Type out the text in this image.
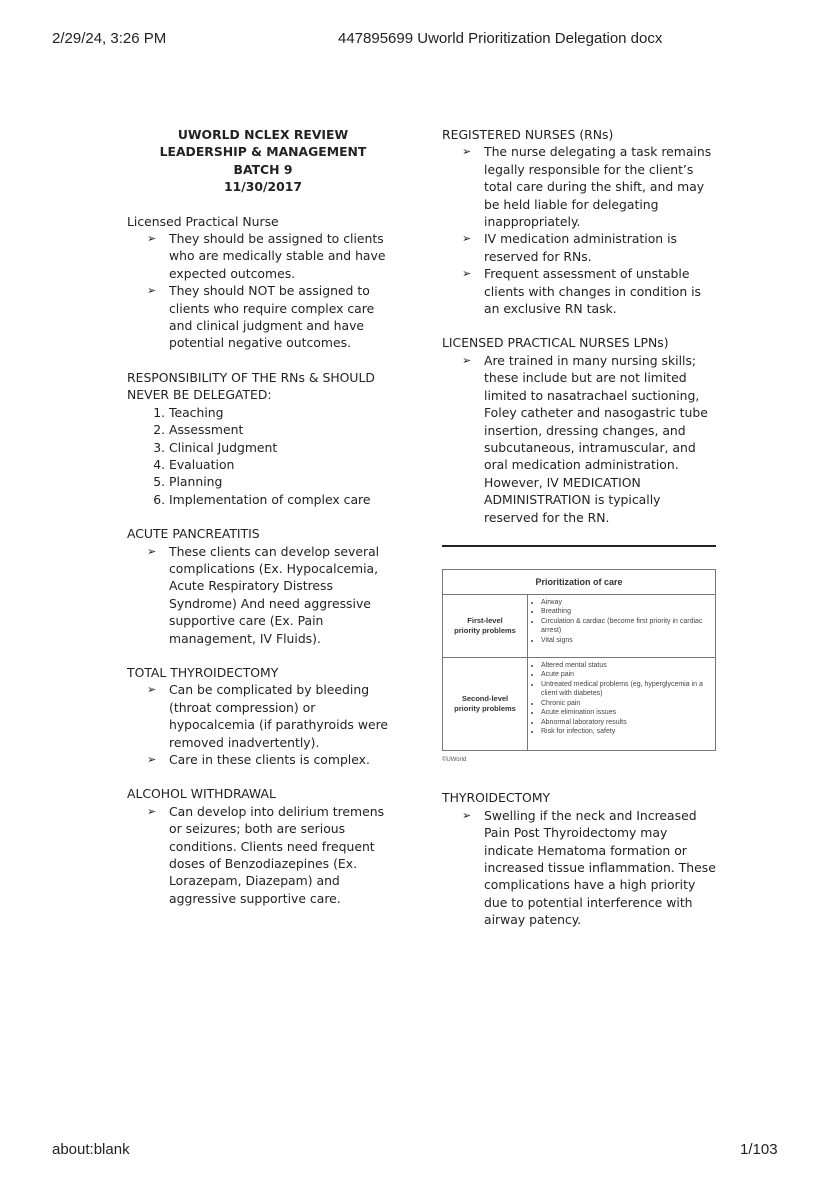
2/29/24, 3:26 PM	447895699 Uworld Prioritization Delegation docx

UWORLD NCLEX REVIEW

LEADERSHIP & MANAGEMENT

BATCH 9

11/30/2017

Licensed Practical Nurse

➢ They should be assigned to clients who are medically stable and have expected outcomes.
➢ They should NOT be assigned to clients who require complex care and clinical judgment and have potential negative outcomes.

RESPONSIBILITY OF THE RNs & SHOULD NEVER BE DELEGATED:

1. Teaching
2. Assessment
3. Clinical Judgment
4. Evaluation
5. Planning
6. Implementation of complex care

ACUTE PANCREATITIS

➢ These clients can develop several complications (Ex. Hypocalcemia, Acute Respiratory Distress Syndrome) And need aggressive supportive care (Ex. Pain management, IV Fluids).

TOTAL THYROIDECTOMY

➢ Can be complicated by bleeding (throat compression) or hypocalcemia (if parathyroids were removed inadvertently).
➢ Care in these clients is complex.

ALCOHOL WITHDRAWAL

➢ Can develop into delirium tremens or seizures; both are serious conditions. Clients need frequent doses of Benzodiazepines (Ex. Lorazepam, Diazepam) and aggressive supportive care.

REGISTERED NURSES (RNs)

➢ The nurse delegating a task remains legally responsible for the client’s total care during the shift, and may be held liable for delegating inappropriately.
➢ IV medication administration is reserved for RNs.
➢ Frequent assessment of unstable clients with changes in condition is an exclusive RN task.

LICENSED PRACTICAL NURSES LPNs)

➢ Are trained in many nursing skills; these include but are not limited limited to nasatrachael suctioning, Foley catheter and nasogastric tube insertion, dressing changes, and subcutaneous, intramuscular, and oral medication administration. However, IV MEDICATION ADMINISTRATION is typically reserved for the RN.
Prioritization of care
First-level
priority problems
• Airway
• Breathing
• Circulation & cardiac (become first priority in cardiac arrest)
• Vital signs
Second-level
priority problems
• Altered mental status
• Acute pain
• Untreated medical problems (eg, hyperglycemia in a client with diabetes)
• Chronic pain
• Acute elimination issues
• Abnormal laboratory results
• Risk for infection, safety
©UWorld

THYROIDECTOMY

➢ Swelling if the neck and Increased Pain Post Thyroidectomy may indicate Hematoma formation or increased tissue inflammation. These complications have a high priority due to potential interference with airway patency.
about:blank	1/103
